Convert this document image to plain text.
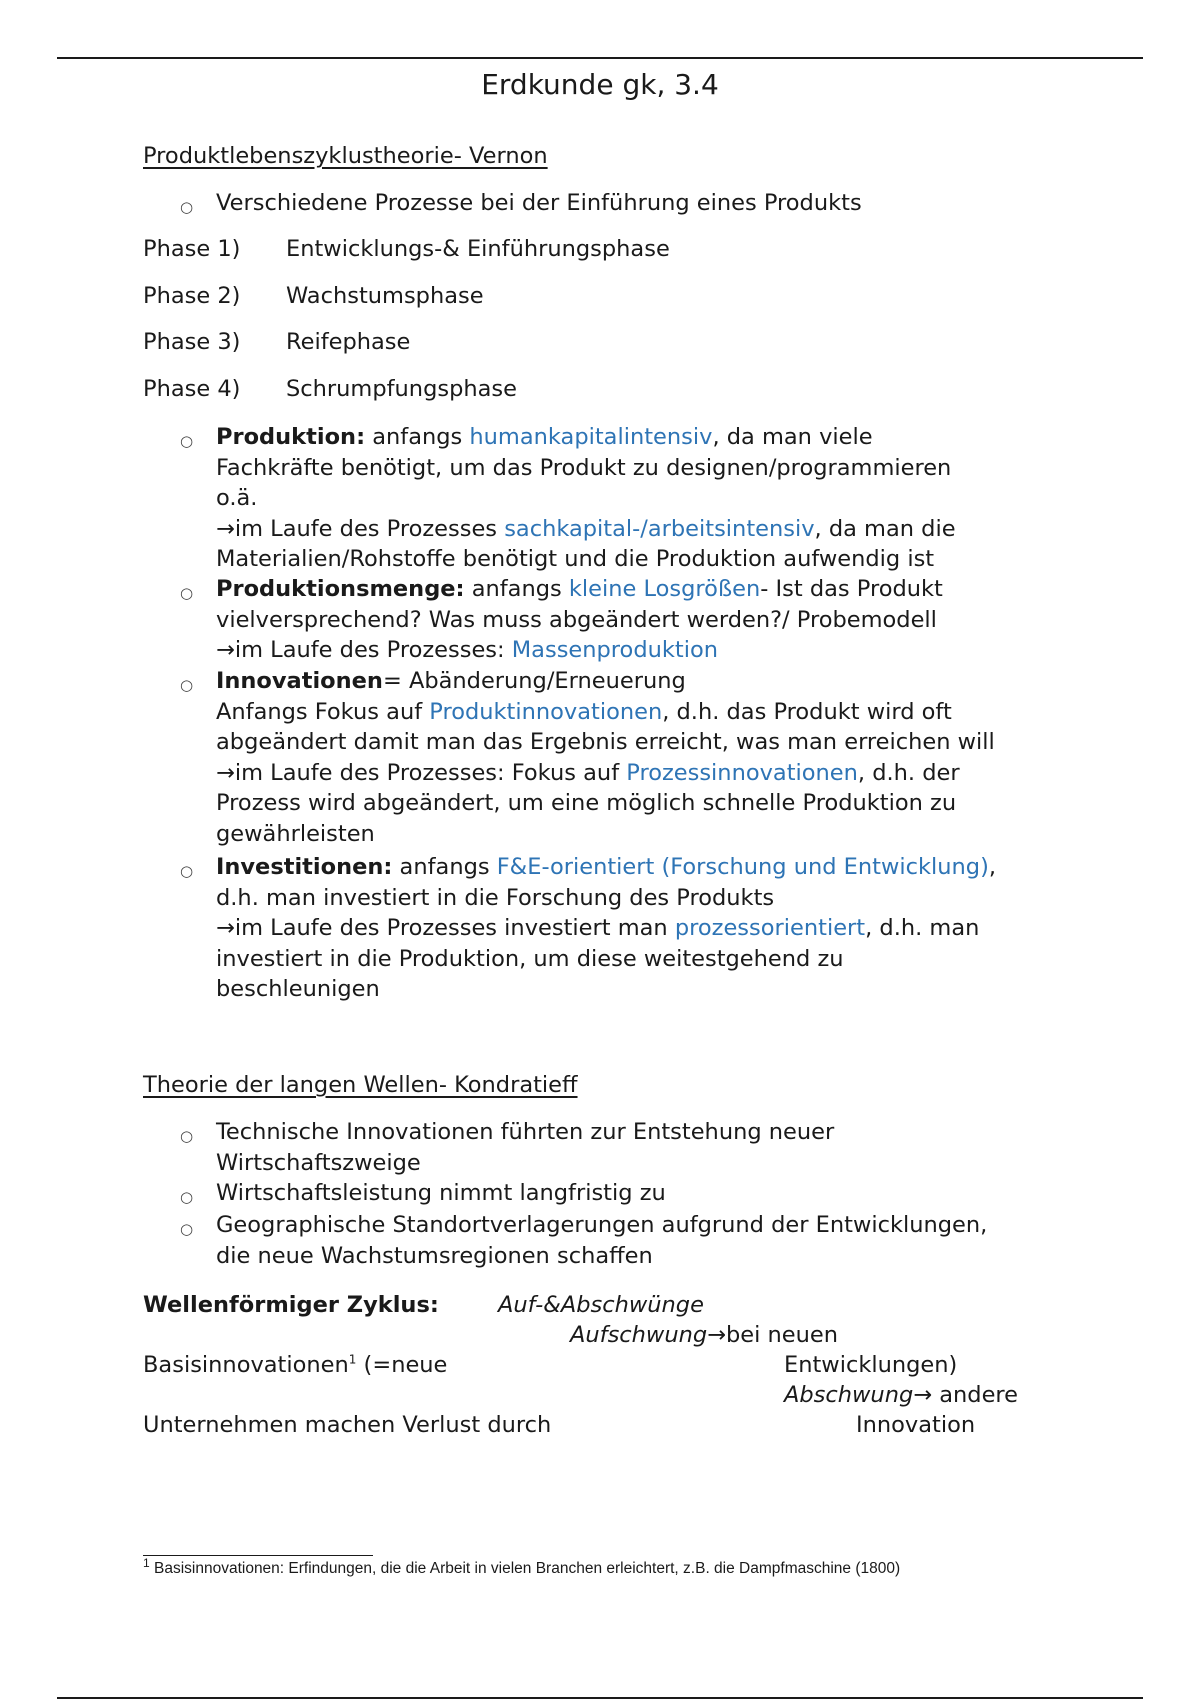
Erdkunde gk, 3.4
Produktlebenszyklustheorie- Vernon
○ Verschiedene Prozesse bei der Einführung eines Produkts

Phase 1) Entwicklungs-& Einführungsphase
Phase 2) Wachstumsphase
Phase 3) Reifephase
Phase 4) Schrumpfungsphase
○ Produktion: anfangs humankapitalintensiv, da man viele

Fachkräfte benötigt, um das Produkt zu designen/programmieren

o.ä.

→im Laufe des Prozesses sachkapital-/arbeitsintensiv, da man die

Materialien/Rohstoffe benötigt und die Produktion aufwendig ist

○ Produktionsmenge: anfangs kleine Losgrößen- Ist das Produkt

vielversprechend? Was muss abgeändert werden?/ Probemodell

→im Laufe des Prozesses: Massenproduktion

○ Innovationen= Abänderung/Erneuerung

Anfangs Fokus auf Produktinnovationen, d.h. das Produkt wird oft

abgeändert damit man das Ergebnis erreicht, was man erreichen will

→im Laufe des Prozesses: Fokus auf Prozessinnovationen, d.h. der

Prozess wird abgeändert, um eine möglich schnelle Produktion zu

gewährleisten

○ Investitionen: anfangs F&E-orientiert (Forschung und Entwicklung),

d.h. man investiert in die Forschung des Produkts

→im Laufe des Prozesses investiert man prozessorientiert, d.h. man

investiert in die Produktion, um diese weitestgehend zu

beschleunigen

Theorie der langen Wellen- Kondratieff
○ Technische Innovationen führten zur Entstehung neuer

Wirtschaftszweige

○ Wirtschaftsleistung nimmt langfristig zu

○ Geographische Standortverlagerungen aufgrund der Entwicklungen,

die neue Wachstumsregionen schaffen

Wellenförmiger Zyklus:	Auf-&Abschwünge
Aufschwung→bei neuen
Basisinnovationen$^1$ (=neue	Entwicklungen)
Abschwung→ andere
Unternehmen machen Verlust durch	Innovation
$^1$ Basisinnovationen: Erfindungen, die die Arbeit in vielen Branchen erleichtert, z.B. die Dampfmaschine (1800)
